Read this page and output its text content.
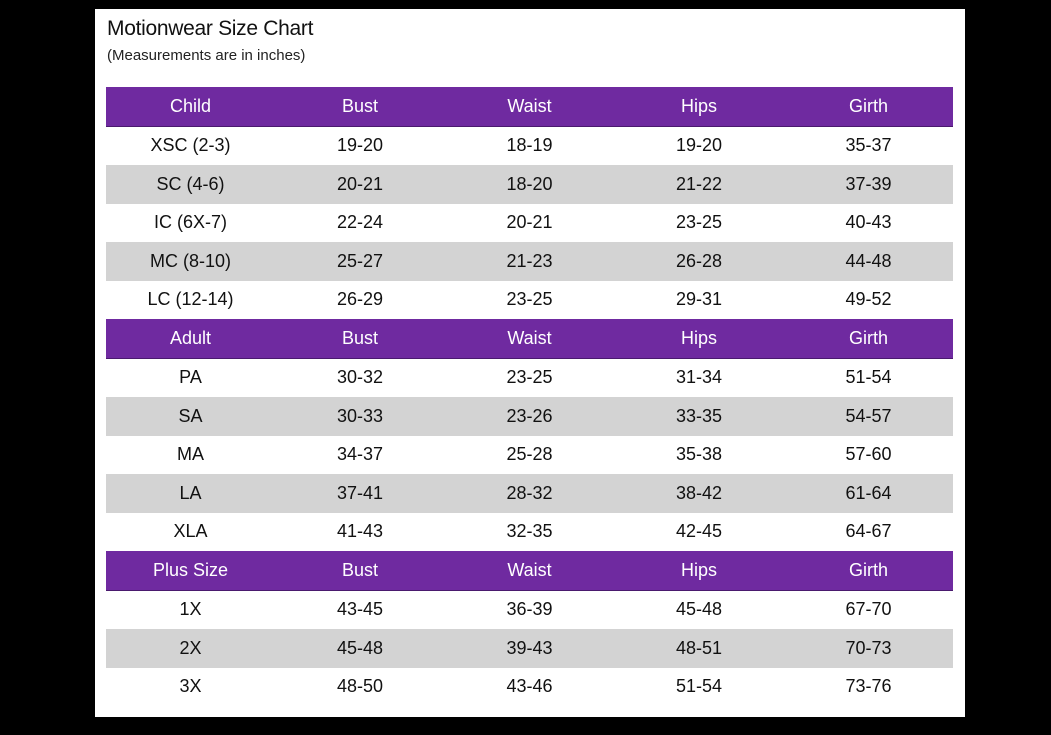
Motionwear Size Chart
(Measurements are in inches)
Child	Bust	Waist	Hips	Girth
XSC (2-3)	19-20	18-19	19-20	35-37
SC (4-6)	20-21	18-20	21-22	37-39
IC (6X-7)	22-24	20-21	23-25	40-43
MC (8-10)	25-27	21-23	26-28	44-48
LC (12-14)	26-29	23-25	29-31	49-52
Adult	Bust	Waist	Hips	Girth
PA	30-32	23-25	31-34	51-54
SA	30-33	23-26	33-35	54-57
MA	34-37	25-28	35-38	57-60
LA	37-41	28-32	38-42	61-64
XLA	41-43	32-35	42-45	64-67
Plus Size	Bust	Waist	Hips	Girth
1X	43-45	36-39	45-48	67-70
2X	45-48	39-43	48-51	70-73
3X	48-50	43-46	51-54	73-76
